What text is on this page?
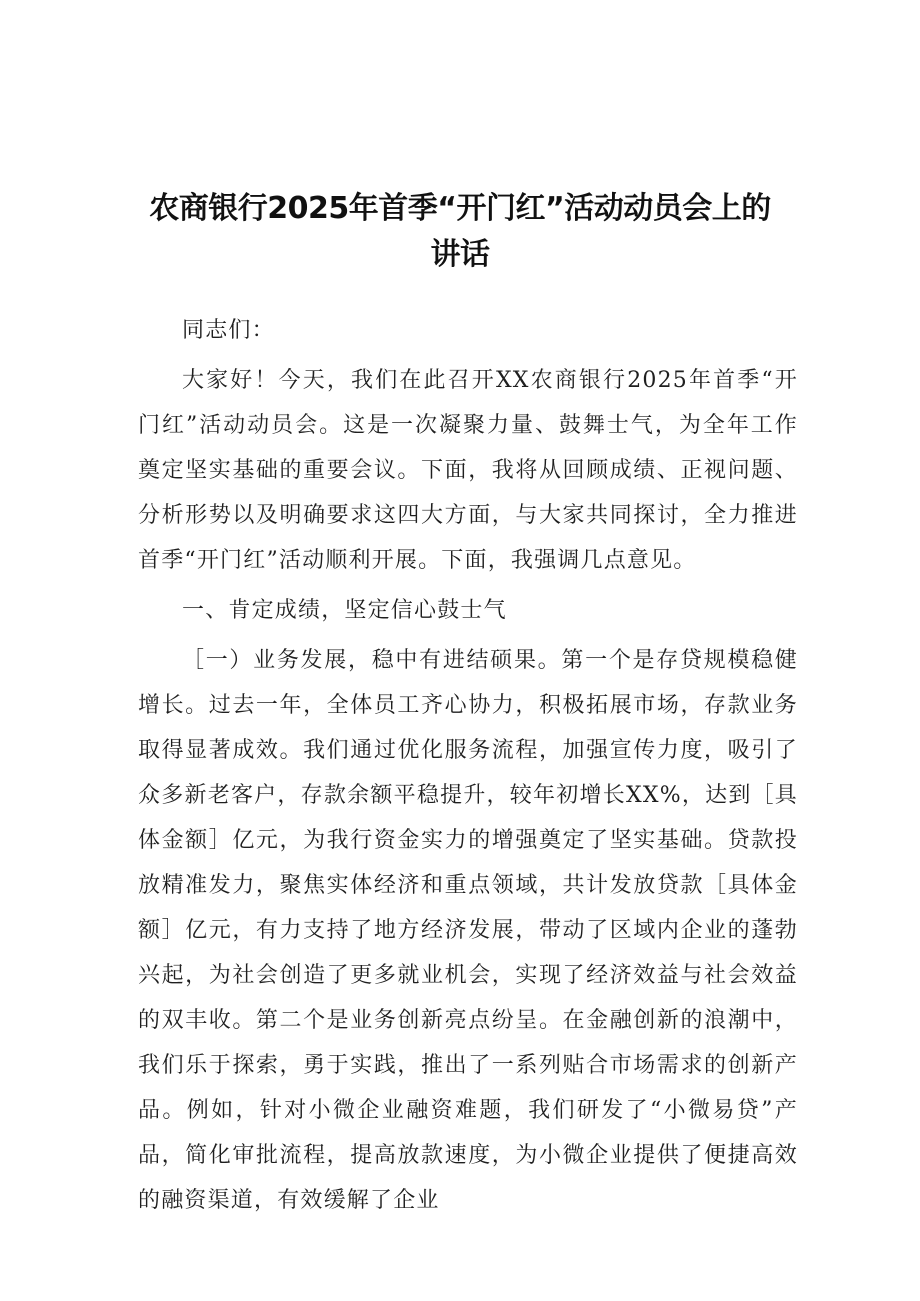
农商银行2025年首季“开门红”活动动员会上的讲话

同志们：

大家好！今天，我们在此召开XX农商银行2025年首季“开门红”活动动员会。这是一次凝聚力量、鼓舞士气，为全年工作奠定坚实基础的重要会议。下面，我将从回顾成绩、正视问题、分析形势以及明确要求这四大方面，与大家共同探讨，全力推进首季“开门红”活动顺利开展。下面，我强调几点意见。

一、肯定成绩，坚定信心鼓士气

［一）业务发展，稳中有进结硕果。第一个是存贷规模稳健增长。过去一年，全体员工齐心协力，积极拓展市场，存款业务取得显著成效。我们通过优化服务流程，加强宣传力度，吸引了众多新老客户，存款余额平稳提升，较年初增长XX%，达到［具体金额］亿元，为我行资金实力的增强奠定了坚实基础。贷款投放精准发力，聚焦实体经济和重点领域，共计发放贷款［具体金额］亿元，有力支持了地方经济发展，带动了区域内企业的蓬勃兴起，为社会创造了更多就业机会，实现了经济效益与社会效益的双丰收。第二个是业务创新亮点纷呈。在金融创新的浪潮中，我们乐于探索，勇于实践，推出了一系列贴合市场需求的创新产品。例如，针对小微企业融资难题，我们研发了“小微易贷”产品，简化审批流程，提高放款速度，为小微企业提供了便捷高效的融资渠道，有效缓解了企业
